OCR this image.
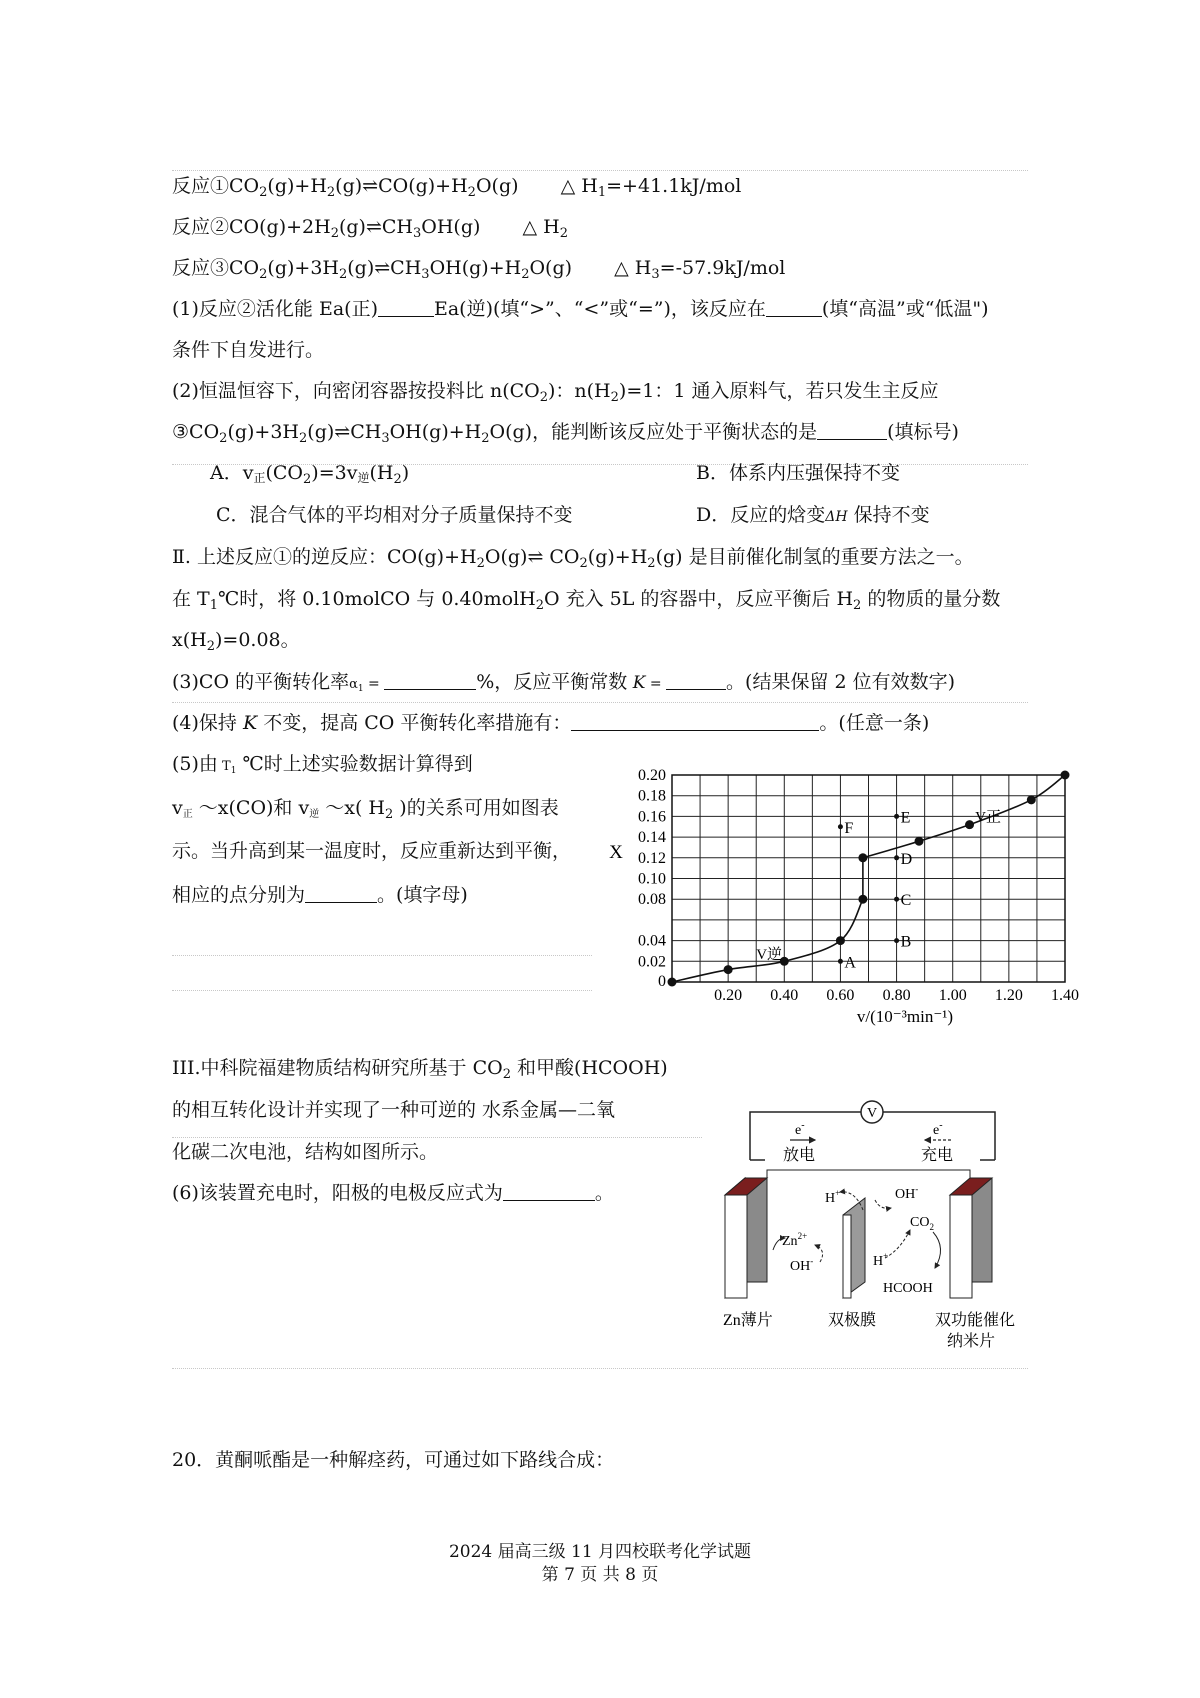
反应$①CO_2(g)+H_2(g)\rightleftharpoons CO(g)+H_2O(g)$ △ $H_1=+41.1kJ$/mol
反应$②CO(g)+2H_2(g)\rightleftharpoons CH_3OH(g)$ △ $H_2$
反应$③CO_2(g)+3H_2(g)\rightleftharpoons CH_3OH(g)+H_2O(g)$ △ $H_3=-57.9kJ$/mol
(1)反应②活化能 Ea(正)	Ea(逆)(填“>”、“<”或“=”)，该反应在	(填“高温”或“低温")
条件下自发进行。
(2)恒温恒容下，向密闭容器按投料比 $n(CO_2)$：$n(H_2)=1$：1 通入原料气，若只发生主反应
$③CO_2(g)+3H_2(g)\rightleftharpoons CH_3OH(g)+H_2O(g)$，能判断该反应处于平衡状态的是	(填标号)
A．v正$(CO_2)=3v$逆$(H_2)$	B．体系内压强保持不变
C．混合气体的平均相对分子质量保持不变	D．反应的焓变ΔH 保持不变
Ⅱ. 上述反应①的逆反应：$CO(g)+H_2O(g)\rightleftharpoons$ $CO_2(g)+H_2(g)$ 是目前催化制氢的重要方法之一。
在 $T_1℃$时，将 0.10molCO 与 0.40molH$_2$O 充入 5L 的容器中，反应平衡后 $H_2$ 的物质的量分数
$x(H_2)=0.08$。
(3)CO 的平衡转化率α1 =	%，反应平衡常数 K =	。(结果保留 2 位有效数字)
(4)保持 K 不变，提高 CO 平衡转化率措施有：	。(任意一条)
(5)由 T1 ℃时上述实验数据计算得到
v正 ～x(CO)和 v逆 ～x( $H_2$ )的关系可用如图表
示。当升高到某一温度时，反应重新达到平衡，
相应的点分别为	。(填字母)
0.20 0.40 0.60 0.80 1.00 1.20 1.40
0.20
0.18
0.16
0.14
0.12
0.10
0.08
0.04
0.02
0
V逆
V正
A
B
C
D
E
F
X
v/(10⁻³min⁻¹)
III.中科院福建物质结构研究所基于 $CO_2$ 和甲酸(HCOOH)
的相互转化设计并实现了一种可逆的 水系金属—二氧
化碳二次电池，结构如图所示。
(6)该装置充电时，阳极的电极反应式为	。
V
e-
放电
e-
充电
H+	OH-
$CO_2$
$Zn^{2+}$
OH-	H+
HCOOH
Zn薄片	双极膜	双功能催化
纳米片
20．黄酮哌酯是一种解痉药，可通过如下路线合成：
2024 届高三级 11 月四校联考化学试题
第 7 页 共 8 页
